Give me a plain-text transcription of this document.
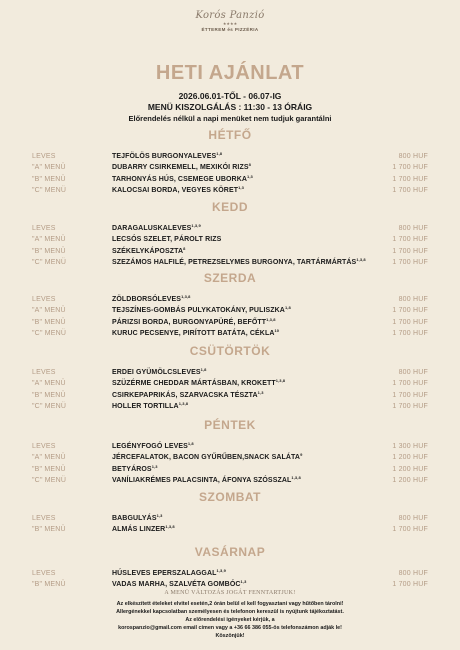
Korós Panzió
★★★★
ÉTTEREM és PIZZÉRIA
HETI AJÁNLAT
2026.06.01-TŐL - 06.07-IG
MENÜ KISZOLGÁLÁS : 11:30 - 13 ÓRÁIG
Előrendelés nélkül a napi menüket nem tudjuk garantálni
HÉTFŐ
LEVES	TEJFÖLÖS BURGONYALEVES$^{1,8}$	800 HUF
"A" MENÜ	DUBARRY CSIRKEMELL, MEXIKÓI RIZS$^8$	1 700 HUF
"B" MENÜ	TARHONYÁS HÚS, CSEMEGE UBORKA$^{1,3}$	1 700 HUF
"C" MENÜ	KALOCSAI BORDA, VEGYES KÖRET$^{1,3}$	1 700 HUF
KEDD
LEVES	DARAGALUSKALEVES$^{1,3,9}$	800 HUF
"A" MENÜ	LECSÓS SZELET, PÁROLT RIZS	1 700 HUF
"B" MENÜ	SZÉKELYKÁPOSZTA$^8$	1 700 HUF
"C" MENÜ	SZEZÁMOS HALFILÉ, PETREZSELYMES BURGONYA, TARTÁRMÁRTÁS$^{1,3,8}$	1 700 HUF
SZERDA
LEVES	ZÖLDBORSÓLEVES$^{1,3,8}$	800 HUF
"A" MENÜ	TEJSZÍNES-GOMBÁS PULYKATOKÁNY, PULISZKA$^{1,8}$	1 700 HUF
"B" MENÜ	PÁRIZSI BORDA, BURGONYAPÜRÉ, BEFŐTT$^{1,3,8}$	1 700 HUF
"C" MENÜ	KURUC PECSENYE, PIRÍTOTT BATÁTA, CÉKLA$^{10}$	1 700 HUF
CSÜTÖRTÖK
LEVES	ERDEI GYÜMÖLCSLEVES$^{1,8}$	800 HUF
"A" MENÜ	SZÜZÉRME CHEDDAR MÁRTÁSBAN, KROKETT$^{1,3,8}$	1 700 HUF
"B" MENÜ	CSIRKEPAPRIKÁS, SZARVACSKA TÉSZTA$^{1,3}$	1 700 HUF
"C" MENÜ	HOLLER TORTILLA$^{1,3,8}$	1 700 HUF
PÉNTEK
LEVES	LEGÉNYFOGÓ LEVES$^{1,8}$	1 300 HUF
"A" MENÜ	JÉRCEFALATOK, BACON GYŰRŰBEN,SNACK SALÁTA$^9$	1 200 HUF
"B" MENÜ	BETYÁROS$^{1,3}$	1 200 HUF
"C" MENÜ	VANÍLIAKRÉMES PALACSINTA, ÁFONYA SZÓSSZAL$^{1,3,8}$	1 200 HUF
SZOMBAT
LEVES	BABGULYÁS$^{1,3}$	800 HUF
"B" MENÜ	ALMÁS LINZER$^{1,3,8}$	1 700 HUF
VASÁRNAP
LEVES	HÚSLEVES EPERSZALAGGAL$^{1,3,9}$	800 HUF
"B" MENÜ	VADAS MARHA, SZALVÉTA GOMBÓC$^{1,3}$	1 700 HUF
A MENÜ VÁLTOZÁS JOGÁT FENNTARTJUK!
Az elkészített ételeket elvitel esetén,2 órán belül el kell fogyasztani vagy hűtőben tárolni!
Allergénekkel kapcsolatban személyesen és telefonon kereszül is nyújtunk tájékoztatást.
Az előrendelési igényeket kérjük, a
korospanzio@gmail.com email címen vagy a +36 66 386 055-ös telefonszámon adják le!
Köszönjük!
